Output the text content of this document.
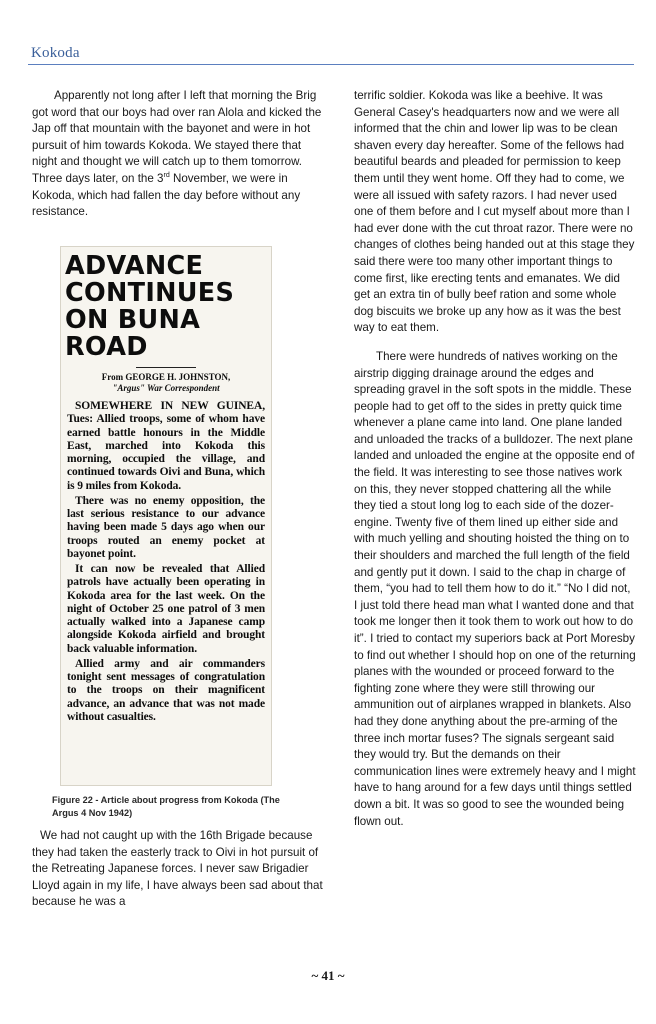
Kokoda

Apparently not long after I left that morning the Brig got word that our boys had over ran Alola and kicked the Jap off that mountain with the bayonet and were in hot pursuit of him towards Kokoda. We stayed there that night and thought we will catch up to them tomorrow. Three days later, on the 3rd November, we were in Kokoda, which had fallen the day before without any resistance.

ADVANCE CONTINUES ON BUNA ROAD
From GEORGE H. JOHNSTON,
"Argus" War Correspondent

SOMEWHERE IN NEW GUINEA, Tues: Allied troops, some of whom have earned battle honours in the Middle East, marched into Kokoda this morning, occupied the village, and continued towards Oivi and Buna, which is 9 miles from Kokoda.

There was no enemy opposition, the last serious resistance to our advance having been made 5 days ago when our troops routed an enemy pocket at bayonet point.

It can now be revealed that Allied patrols have actually been operating in Kokoda area for the last week. On the night of October 25 one patrol of 3 men actually walked into a Japanese camp alongside Kokoda airfield and brought back valuable information.

Allied army and air commanders tonight sent messages of congratulation to the troops on their magnificent advance, an advance that was not made without casualties.

Figure 22 - Article about progress from Kokoda (The Argus 4 Nov 1942)

We had not caught up with the 16th Brigade because they had taken the easterly track to Oivi in hot pursuit of the Retreating Japanese forces. I never saw Brigadier Lloyd again in my life, I have always been sad about that because he was a

terrific soldier. Kokoda was like a beehive. It was General Casey's headquarters now and we were all informed that the chin and lower lip was to be clean shaven every day hereafter. Some of the fellows had beautiful beards and pleaded for permission to keep them until they went home. Off they had to come, we were all issued with safety razors. I had never used one of them before and I cut myself about more than I had ever done with the cut throat razor. There were no changes of clothes being handed out at this stage they said there were too many other important things to come first, like erecting tents and emanates. We did get an extra tin of bully beef ration and some whole dog biscuits we broke up any how as it was the best way to eat them.

There were hundreds of natives working on the airstrip digging drainage around the edges and spreading gravel in the soft spots in the middle. These people had to get off to the sides in pretty quick time whenever a plane came into land. One plane landed and unloaded the tracks of a bulldozer. The next plane landed and unloaded the engine at the opposite end of the field. It was interesting to see those natives work on this, they never stopped chattering all the while they tied a stout long log to each side of the dozer-engine. Twenty five of them lined up either side and with much yelling and shouting hoisted the thing on to their shoulders and marched the full length of the field and gently put it down. I said to the chap in charge of them, “you had to tell them how to do it.” “No I did not, I just told there head man what I wanted done and that took me longer then it took them to work out how to do it”. I tried to contact my superiors back at Port Moresby to find out whether I should hop on one of the returning planes with the wounded or proceed forward to the fighting zone where they were still throwing our ammunition out of airplanes wrapped in blankets. Also had they done anything about the pre-arming of the three inch mortar fuses? The signals sergeant said they would try. But the demands on their communication lines were extremely heavy and I might have to hang around for a few days until things settled down a bit. It was so good to see the wounded being flown out.

~ 41 ~
